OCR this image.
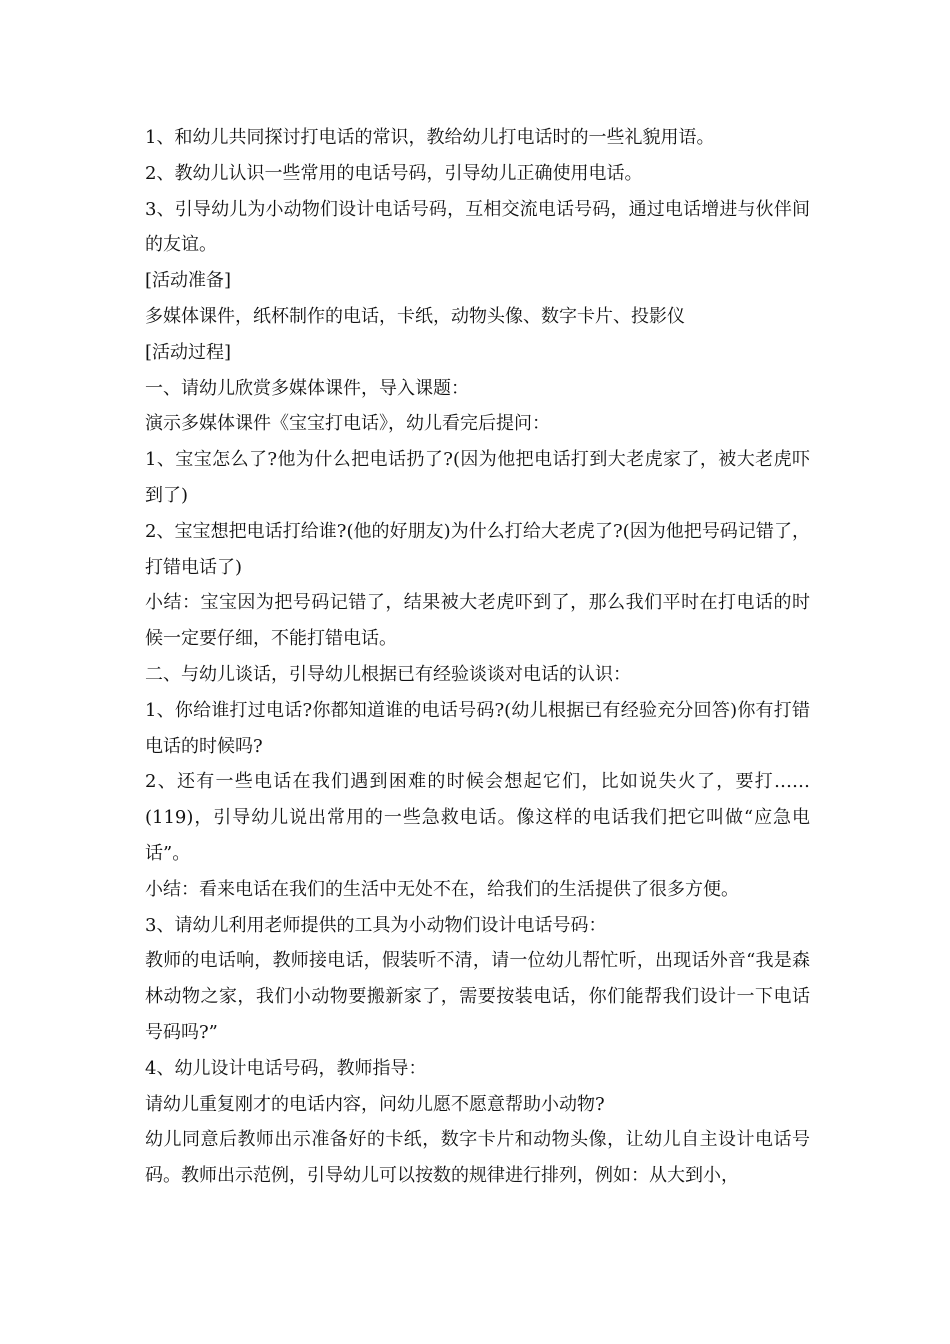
1、和幼儿共同探讨打电话的常识，教给幼儿打电话时的一些礼貌用语。

2、教幼儿认识一些常用的电话号码，引导幼儿正确使用电话。

3、引导幼儿为小动物们设计电话号码，互相交流电话号码，通过电话增进与伙伴间的友谊。

[活动准备]

多媒体课件，纸杯制作的电话，卡纸，动物头像、数字卡片、投影仪

[活动过程]

一、请幼儿欣赏多媒体课件，导入课题：

演示多媒体课件《宝宝打电话》，幼儿看完后提问：

1、宝宝怎么了?他为什么把电话扔了?(因为他把电话打到大老虎家了，被大老虎吓到了)

2、宝宝想把电话打给谁?(他的好朋友)为什么打给大老虎了?(因为他把号码记错了，打错电话了)

小结：宝宝因为把号码记错了，结果被大老虎吓到了，那么我们平时在打电话的时候一定要仔细，不能打错电话。

二、与幼儿谈话，引导幼儿根据已有经验谈谈对电话的认识：

1、你给谁打过电话?你都知道谁的电话号码?(幼儿根据已有经验充分回答)你有打错电话的时候吗?

2、还有一些电话在我们遇到困难的时候会想起它们，比如说失火了，要打……(119)，引导幼儿说出常用的一些急救电话。像这样的电话我们把它叫做“应急电话”。

小结：看来电话在我们的生活中无处不在，给我们的生活提供了很多方便。

3、请幼儿利用老师提供的工具为小动物们设计电话号码：

教师的电话响，教师接电话，假装听不清，请一位幼儿帮忙听，出现话外音“我是森林动物之家，我们小动物要搬新家了，需要按装电话，你们能帮我们设计一下电话号码吗?”

4、幼儿设计电话号码，教师指导：

请幼儿重复刚才的电话内容，问幼儿愿不愿意帮助小动物?

幼儿同意后教师出示准备好的卡纸，数字卡片和动物头像，让幼儿自主设计电话号码。教师出示范例，引导幼儿可以按数的规律进行排列，例如：从大到小，
